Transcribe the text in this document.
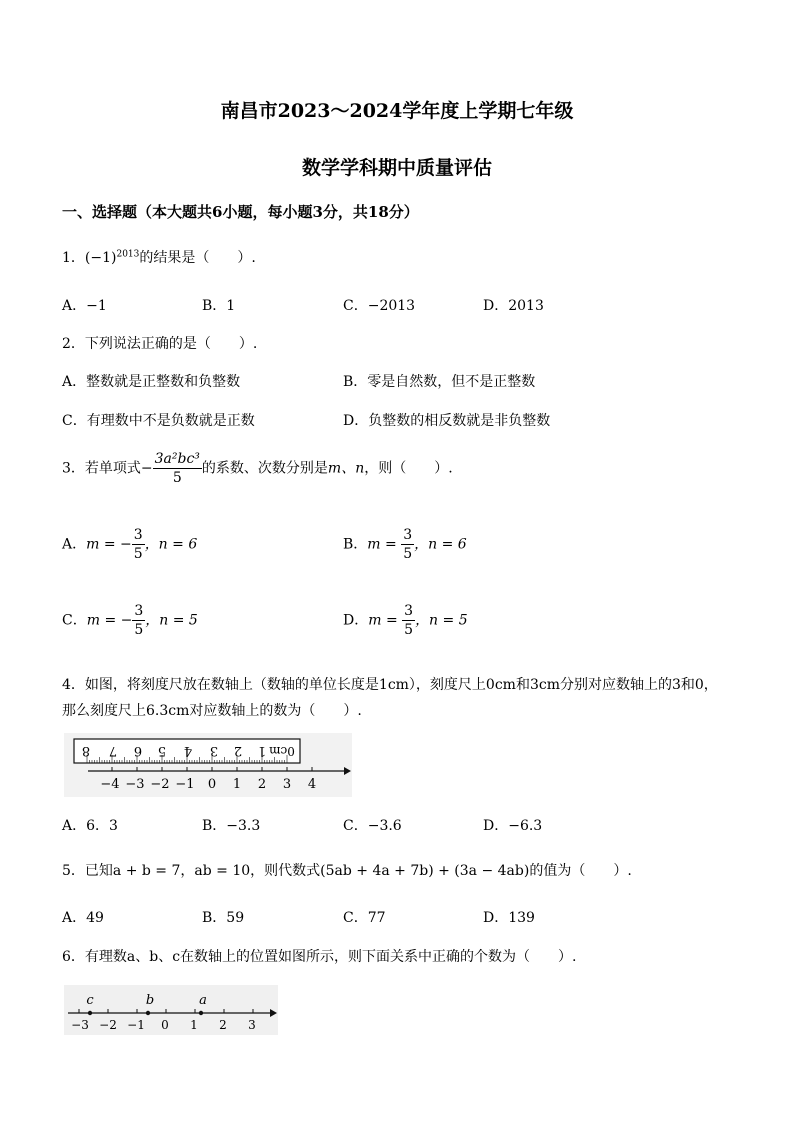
南昌市2023～2024学年度上学期七年级
数学学科期中质量评估
一、选择题（本大题共6小题，每小题3分，共18分）
1．$(-1)^{2013}$的结果是（　　）.
A．−1	B．1	C．−2013	D．2013
2．下列说法正确的是（　　）.
A．整数就是正整数和负整数	B．零是自然数，但不是正整数
C．有理数中不是负数就是正数	D．负整数的相反数就是非负整数
3．若单项式− $\frac{\text{3a²bc³}}{5}$ 的系数、次数分别是m、n，则（　　）.
A．m = − $\frac{3}{5}$ ，n = 6	B．$m = \frac{3}{5}$ ，n = 6
C．m = − $\frac{3}{5}$ ，n = 5	D．$m = \frac{3}{5}$ ，n = 5
4．如图，将刻度尺放在数轴上（数轴的单位长度是1cm），刻度尺上0cm和3cm分别对应数轴上的3和0，
那么刻度尺上6.3cm对应数轴上的数为（　　）.
8 7 6 5 4 3 2 1 0cm
−4 −3 −2 −1 0 1 2 3 4
A．6．3	B．−3.3	C．−3.6	D．−6.3
5．已知a + b = 7，ab = 10，则代数式(5ab + 4a + 7b) + (3a − 4ab)的值为（　　）.
A．49	B．59	C．77	D．139
6．有理数a、b、c在数轴上的位置如图所示，则下面关系中正确的个数为（　　）.
c	b	a
−3 −2 −1 0 1 2 3
